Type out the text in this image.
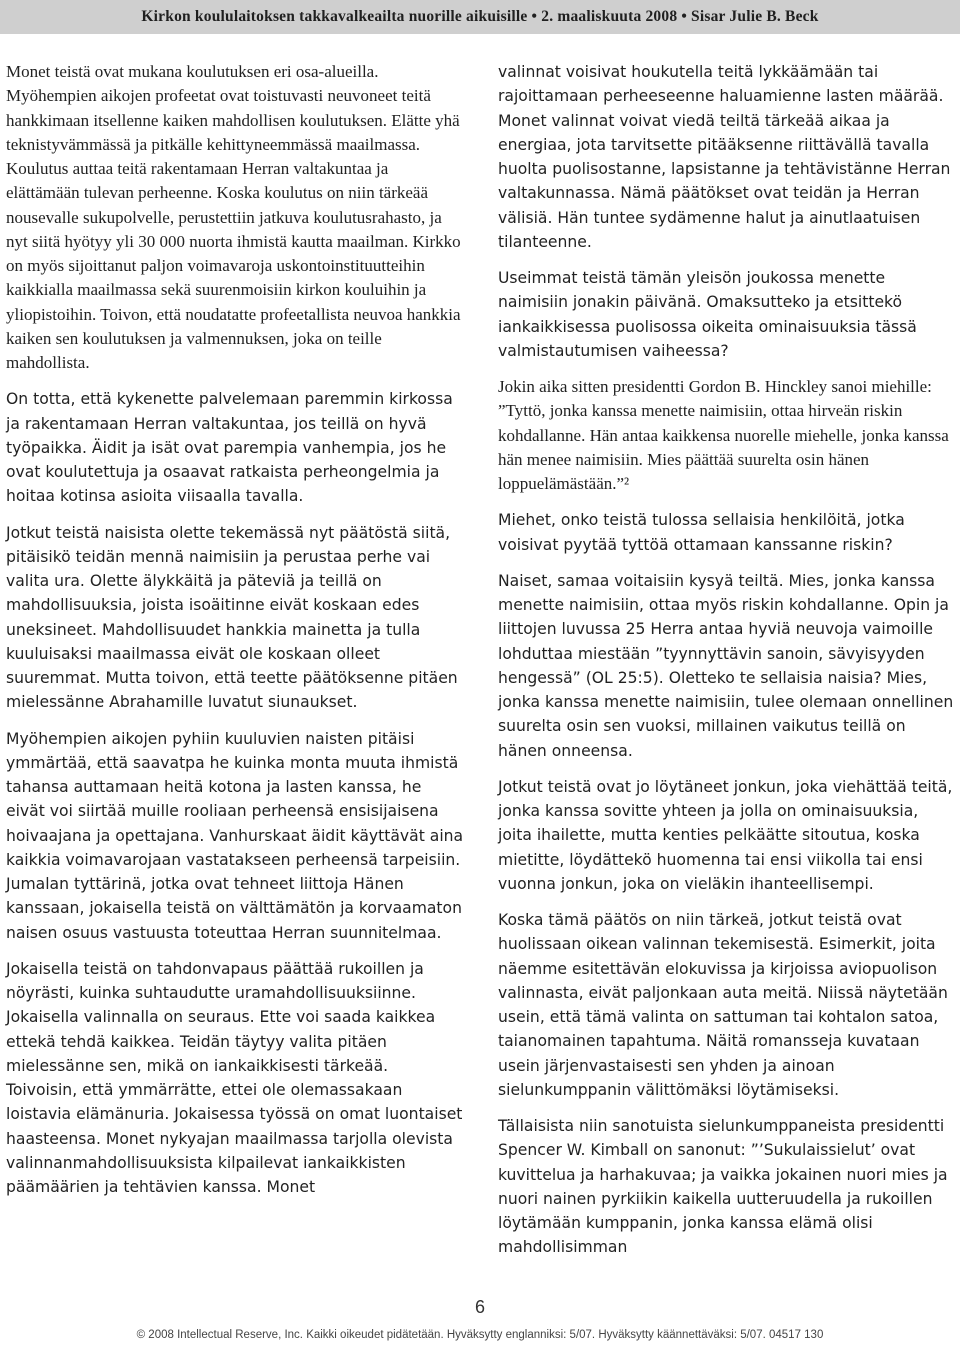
Kirkon koululaitoksen takkavalkeailta nuorille aikuisille • 2. maaliskuuta 2008 • Sisar Julie B. Beck

Monet teistä ovat mukana koulutuksen eri osa-alueilla. Myöhempien aikojen profeetat ovat toistuvasti neuvoneet teitä hankkimaan itsellenne kaiken mahdollisen koulutuksen. Elätte yhä teknistyvämmässä ja pitkälle kehittyneemmässä maailmassa. Koulutus auttaa teitä rakentamaan Herran valtakuntaa ja elättämään tulevan perheenne. Koska koulutus on niin tärkeää nousevalle sukupolvelle, perustettiin jatkuva koulutusrahasto, ja nyt siitä hyötyy yli 30 000 nuorta ihmistä kautta maailman. Kirkko on myös sijoittanut paljon voimavaroja uskontoinstituutteihin kaikkialla maailmassa sekä suurenmoisiin kirkon kouluihin ja yliopistoihin. Toivon, että noudatatte profeetallista neuvoa hankkia kaiken sen koulutuksen ja valmennuksen, joka on teille mahdollista.

On totta, että kykenette palvelemaan paremmin kirkossa ja rakentamaan Herran valtakuntaa, jos teillä on hyvä työpaikka. Äidit ja isät ovat parempia vanhempia, jos he ovat koulutettuja ja osaavat ratkaista perheongelmia ja hoitaa kotinsa asioita viisaalla tavalla.

Jotkut teistä naisista olette tekemässä nyt päätöstä siitä, pitäisikö teidän mennä naimisiin ja perustaa perhe vai valita ura. Olette älykkäitä ja päteviä ja teillä on mahdollisuuksia, joista isoäitinne eivät koskaan edes uneksineet. Mahdollisuudet hankkia mainetta ja tulla kuuluisaksi maailmassa eivät ole koskaan olleet suuremmat. Mutta toivon, että teette päätöksenne pitäen mielessänne Abrahamille luvatut siunaukset.

Myöhempien aikojen pyhiin kuuluvien naisten pitäisi ymmärtää, että saavatpa he kuinka monta muuta ihmistä tahansa auttamaan heitä kotona ja lasten kanssa, he eivät voi siirtää muille rooliaan perheensä ensisijaisena hoivaajana ja opettajana. Vanhurskaat äidit käyttävät aina kaikkia voimavarojaan vastatakseen perheensä tarpeisiin. Jumalan tyttärinä, jotka ovat tehneet liittoja Hänen kanssaan, jokaisella teistä on välttämätön ja korvaamaton naisen osuus vastuusta toteuttaa Herran suunnitelmaa.

Jokaisella teistä on tahdonvapaus päättää rukoillen ja nöyrästi, kuinka suhtaudutte uramahdollisuuksiinne. Jokaisella valinnalla on seuraus. Ette voi saada kaikkea ettekä tehdä kaikkea. Teidän täytyy valita pitäen mielessänne sen, mikä on iankaikkisesti tärkeää. Toivoisin, että ymmärrätte, ettei ole olemassakaan loistavia elämänuria. Jokaisessa työssä on omat luontaiset haasteensa. Monet nykyajan maailmassa tarjolla olevista valinnanmahdollisuuksista kilpailevat iankaikkisten päämäärien ja tehtävien kanssa. Monet

valinnat voisivat houkutella teitä lykkäämään tai rajoittamaan perheeseenne haluamienne lasten määrää. Monet valinnat voivat viedä teiltä tärkeää aikaa ja energiaa, jota tarvitsette pitääksenne riittävällä tavalla huolta puolisostanne, lapsistanne ja tehtävistänne Herran valtakunnassa. Nämä päätökset ovat teidän ja Herran välisiä. Hän tuntee sydämenne halut ja ainutlaatuisen tilanteenne.

Useimmat teistä tämän yleisön joukossa menette naimisiin jonakin päivänä. Omaksutteko ja etsittekö iankaikkisessa puolisossa oikeita ominaisuuksia tässä valmistautumisen vaiheessa?

Jokin aika sitten presidentti Gordon B. Hinckley sanoi miehille: ”Tyttö, jonka kanssa menette naimisiin, ottaa hirveän riskin kohdallanne. Hän antaa kaikkensa nuorelle miehelle, jonka kanssa hän menee naimisiin. Mies päättää suurelta osin hänen loppuelämästään.”²

Miehet, onko teistä tulossa sellaisia henkilöitä, jotka voisivat pyytää tyttöä ottamaan kanssanne riskin?

Naiset, samaa voitaisiin kysyä teiltä. Mies, jonka kanssa menette naimisiin, ottaa myös riskin kohdallanne. Opin ja liittojen luvussa 25 Herra antaa hyviä neuvoja vaimoille lohduttaa miestään ”tyynnyttävin sanoin, sävyisyyden hengessä” (OL 25:5). Oletteko te sellaisia naisia? Mies, jonka kanssa menette naimisiin, tulee olemaan onnellinen suurelta osin sen vuoksi, millainen vaikutus teillä on hänen onneensa.

Jotkut teistä ovat jo löytäneet jonkun, joka viehättää teitä, jonka kanssa sovitte yhteen ja jolla on ominaisuuksia, joita ihailette, mutta kenties pelkäätte sitoutua, koska mietitte, löydättekö huomenna tai ensi viikolla tai ensi vuonna jonkun, joka on vieläkin ihanteellisempi.

Koska tämä päätös on niin tärkeä, jotkut teistä ovat huolissaan oikean valinnan tekemisestä. Esimerkit, joita näemme esitettävän elokuvissa ja kirjoissa aviopuolison valinnasta, eivät paljonkaan auta meitä. Niissä näytetään usein, että tämä valinta on sattuman tai kohtalon satoa, taianomainen tapahtuma. Näitä romansseja kuvataan usein järjenvastaisesti sen yhden ja ainoan sielunkumppanin välittömäksi löytämiseksi.

Tällaisista niin sanotuista sielunkumppaneista presidentti Spencer W. Kimball on sanonut: ”’Sukulaissielut’ ovat kuvittelua ja harhakuvaa; ja vaikka jokainen nuori mies ja nuori nainen pyrkiikin kaikella uutteruudella ja rukoillen löytämään kumppanin, jonka kanssa elämä olisi mahdollisimman

6
© 2008 Intellectual Reserve, Inc. Kaikki oikeudet pidätetään. Hyväksytty englanniksi: 5/07. Hyväksytty käännettäväksi: 5/07. 04517 130
